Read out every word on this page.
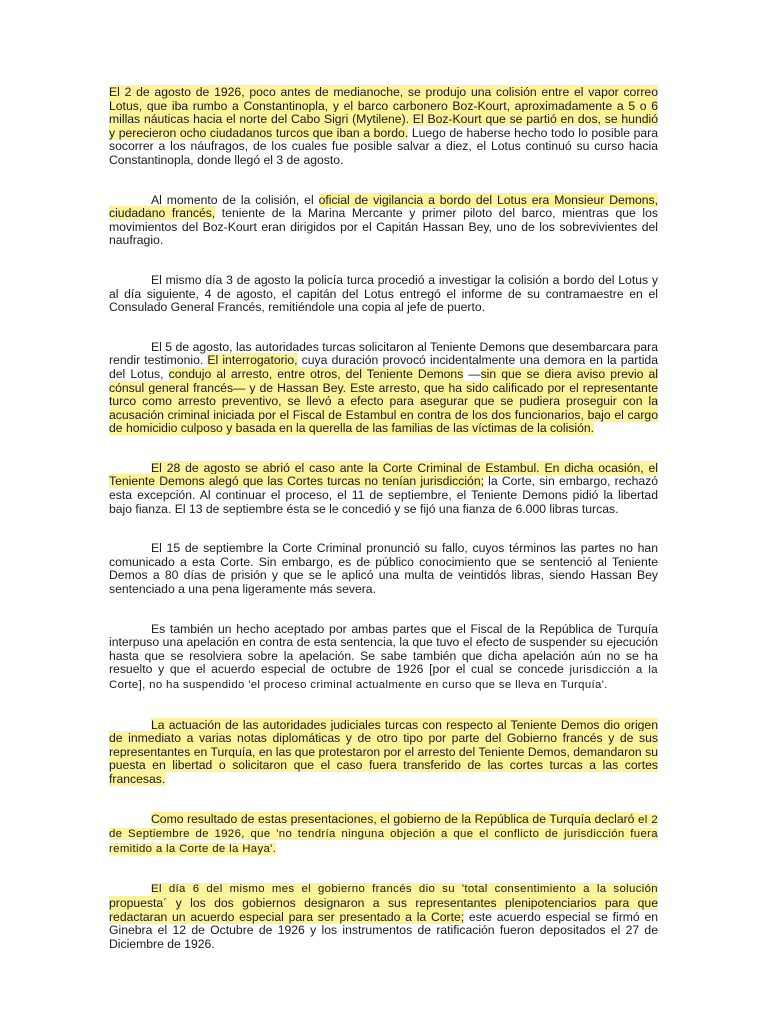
El 2 de agosto de 1926, poco antes de medianoche, se produjo una colisión entre el vapor correo Lotus, que iba rumbo a Constantinopla, y el barco carbonero Boz-Kourt, aproximadamente a 5 o 6 millas náuticas hacia el norte del Cabo Sigri (Mytilene). El Boz-Kourt que se partió en dos, se hundió y perecieron ocho ciudadanos turcos que iban a bordo. Luego de haberse hecho todo lo posible para socorrer a los náufragos, de los cuales fue posible salvar a diez, el Lotus continuó su curso hacia Constantinopla, donde llegó el 3 de agosto.

Al momento de la colisión, el oficial de vigilancia a bordo del Lotus era Monsieur Demons, ciudadano francés, teniente de la Marina Mercante y primer piloto del barco, mientras que los movimientos del Boz-Kourt eran dirigidos por el Capitán Hassan Bey, uno de los sobrevivientes del naufragio.

El mismo día 3 de agosto la policía turca procedió a investigar la colisión a bordo del Lotus y al día siguiente, 4 de agosto, el capitán del Lotus entregó el informe de su contramaestre en el Consulado General Francés, remitiéndole una copia al jefe de puerto.

El 5 de agosto, las autoridades turcas solicitaron al Teniente Demons que desembarcara para rendir testimonio. El interrogatorio, cuya duración provocó incidentalmente una demora en la partida del Lotus, condujo al arresto, entre otros, del Teniente Demons —sin que se diera aviso previo al cónsul general francés— y de Hassan Bey. Este arresto, que ha sido calificado por el representante turco como arresto preventivo, se llevó a efecto para asegurar que se pudiera proseguir con la acusación criminal iniciada por el Fiscal de Estambul en contra de los dos funcionarios, bajo el cargo de homicidio culposo y basada en la querella de las familias de las víctimas de la colisión.

El 28 de agosto se abrió el caso ante la Corte Criminal de Estambul. En dicha ocasión, el Teniente Demons alegó que las Cortes turcas no tenían jurisdicción; la Corte, sin embargo, rechazó esta excepción. Al continuar el proceso, el 11 de septiembre, el Teniente Demons pidió la libertad bajo fianza. El 13 de septiembre ésta se le concedió y se fijó una fianza de 6.000 libras turcas.

El 15 de septiembre la Corte Criminal pronunció su fallo, cuyos términos las partes no han comunicado a esta Corte. Sin embargo, es de público conocimiento que se sentenció al Teniente Demos a 80 días de prisión y que se le aplicó una multa de veintidós libras, siendo Hassan Bey sentenciado a una pena ligeramente más severa.

Es también un hecho aceptado por ambas partes que el Fiscal de la República de Turquía interpuso una apelación en contra de esta sentencia, la que tuvo el efecto de suspender su ejecución hasta que se resolviera sobre la apelación. Se sabe también que dicha apelación aún no se ha resuelto y que el acuerdo especial de octubre de 1926 [por el cual se concede jurisdicción a la Corte], no ha suspendido 'el proceso criminal actualmente en curso que se lleva en Turquía'.

La actuación de las autoridades judiciales turcas con respecto al Teniente Demos dio origen de inmediato a varias notas diplomáticas y de otro tipo por parte del Gobierno francés y de sus representantes en Turquía, en las que protestaron por el arresto del Teniente Demos, demandaron su puesta en libertad o solicitaron que el caso fuera transferido de las cortes turcas a las cortes francesas.

Como resultado de estas presentaciones, el gobierno de la República de Turquía declaró el 2 de Septiembre de 1926, que 'no tendría ninguna objeción a que el conflicto de jurisdicción fuera remitido a la Corte de la Haya'.

El día 6 del mismo mes el gobierno francés dio su 'total consentimiento a la solución propuesta´ y los dos gobiernos designaron a sus representantes plenipotenciarios para que redactaran un acuerdo especial para ser presentado a la Corte; este acuerdo especial se firmó en Ginebra el 12 de Octubre de 1926 y los instrumentos de ratificación fueron depositados el 27 de Diciembre de 1926.
